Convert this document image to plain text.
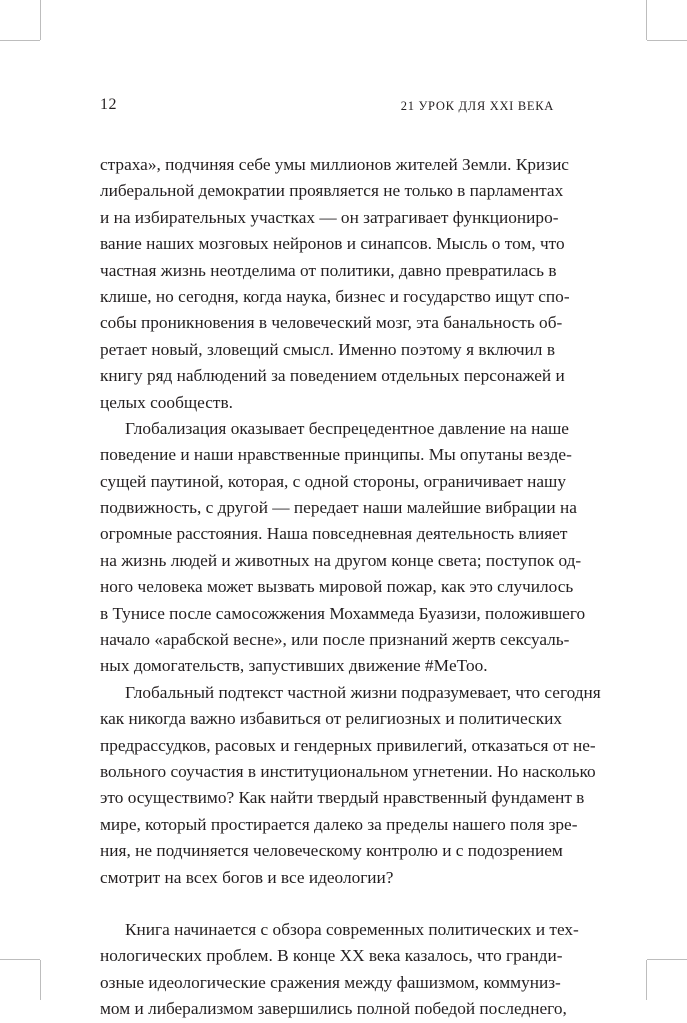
12	21 УРОК ДЛЯ XXI ВЕКА
страха», подчиняя себе умы миллионов жителей Земли. Кризис
либеральной демократии проявляется не только в парламентах
и на избирательных участках — он затрагивает функциониро-
вание наших мозговых нейронов и синапсов. Мысль о том, что
частная жизнь неотделима от политики, давно превратилась в
клише, но сегодня, когда наука, бизнес и государство ищут спо-
собы проникновения в человеческий мозг, эта банальность об-
ретает новый, зловещий смысл. Именно поэтому я включил в
книгу ряд наблюдений за поведением отдельных персонажей и
целых сообществ.
Глобализация оказывает беспрецедентное давление на наше
поведение и наши нравственные принципы. Мы опутаны везде-
сущей паутиной, которая, с одной стороны, ограничивает нашу
подвижность, с другой — передает наши малейшие вибрации на
огромные расстояния. Наша повседневная деятельность влияет
на жизнь людей и животных на другом конце света; поступок од-
ного человека может вызвать мировой пожар, как это случилось
в Тунисе после самосожжения Мохаммеда Буазизи, положившего
начало «арабской весне», или после признаний жертв сексуаль-
ных домогательств, запустивших движение #MeToo.
Глобальный подтекст частной жизни подразумевает, что сегодня
как никогда важно избавиться от религиозных и политических
предрассудков, расовых и гендерных привилегий, отказаться от не-
вольного соучастия в институциональном угнетении. Но насколько
это осуществимо? Как найти твердый нравственный фундамент в
мире, который простирается далеко за пределы нашего поля зре-
ния, не подчиняется человеческому контролю и с подозрением
смотрит на всех богов и все идеологии?
Книга начинается с обзора современных политических и тех-
нологических проблем. В конце XX века казалось, что гранди-
озные идеологические сражения между фашизмом, коммуниз-
мом и либерализмом завершились полной победой последнего,
